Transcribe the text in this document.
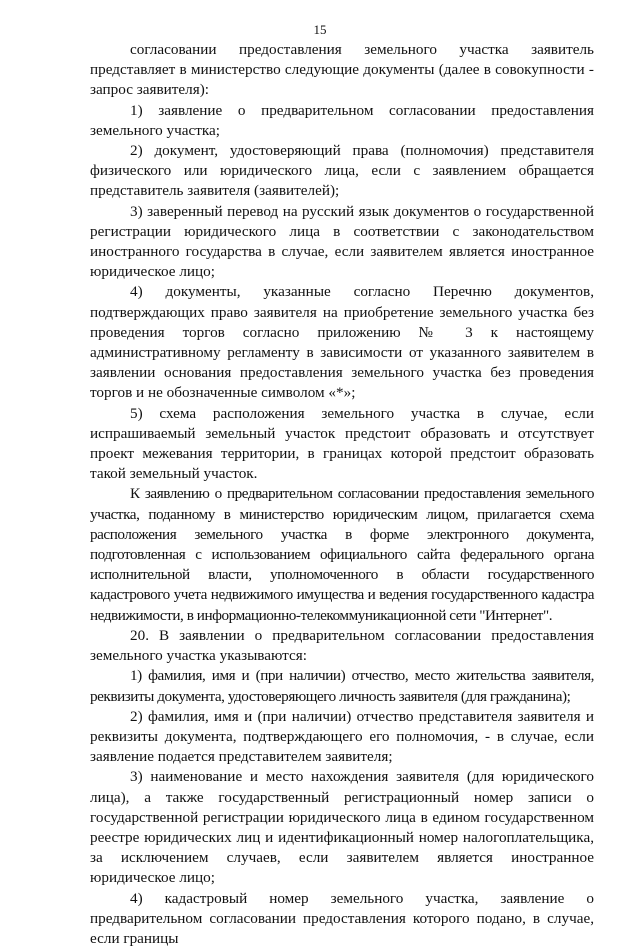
15

согласовании предоставления земельного участка заявитель представляет в министерство следующие документы (далее в совокупности - запрос заявителя):

1) заявление о предварительном согласовании предоставления земельного участка;

2) документ, удостоверяющий права (полномочия) представителя физического или юридического лица, если с заявлением обращается представитель заявителя (заявителей);

3) заверенный перевод на русский язык документов о государственной регистрации юридического лица в соответствии с законодательством иностранного государства в случае, если заявителем является иностранное юридическое лицо;

4) документы, указанные согласно Перечню документов, подтверждающих право заявителя на приобретение земельного участка без проведения торгов согласно приложению № 3 к настоящему административному регламенту в зависимости от указанного заявителем в заявлении основания предоставления земельного участка без проведения торгов и не обозначенные символом «*»;

5) схема расположения земельного участка в случае, если испрашиваемый земельный участок предстоит образовать и отсутствует проект межевания территории, в границах которой предстоит образовать такой земельный участок.

К заявлению о предварительном согласовании предоставления земельного участка, поданному в министерство юридическим лицом, прилагается схема расположения земельного участка в форме электронного документа, подготовленная с использованием официального сайта федерального органа исполнительной власти, уполномоченного в области государственного кадастрового учета недвижимого имущества и ведения государственного кадастра недвижимости, в информационно-телекоммуникационной сети "Интернет".

20. В заявлении о предварительном согласовании предоставления земельного участка указываются:

1) фамилия, имя и (при наличии) отчество, место жительства заявителя, реквизиты документа, удостоверяющего личность заявителя (для гражданина);

2) фамилия, имя и (при наличии) отчество представителя заявителя и реквизиты документа, подтверждающего его полномочия, - в случае, если заявление подается представителем заявителя;

3) наименование и место нахождения заявителя (для юридического лица), а также государственный регистрационный номер записи о государственной регистрации юридического лица в едином государственном реестре юридических лиц и идентификационный номер налогоплательщика, за исключением случаев, если заявителем является иностранное юридическое лицо;

4) кадастровый номер земельного участка, заявление о предварительном согласовании предоставления которого подано, в случае, если границы
